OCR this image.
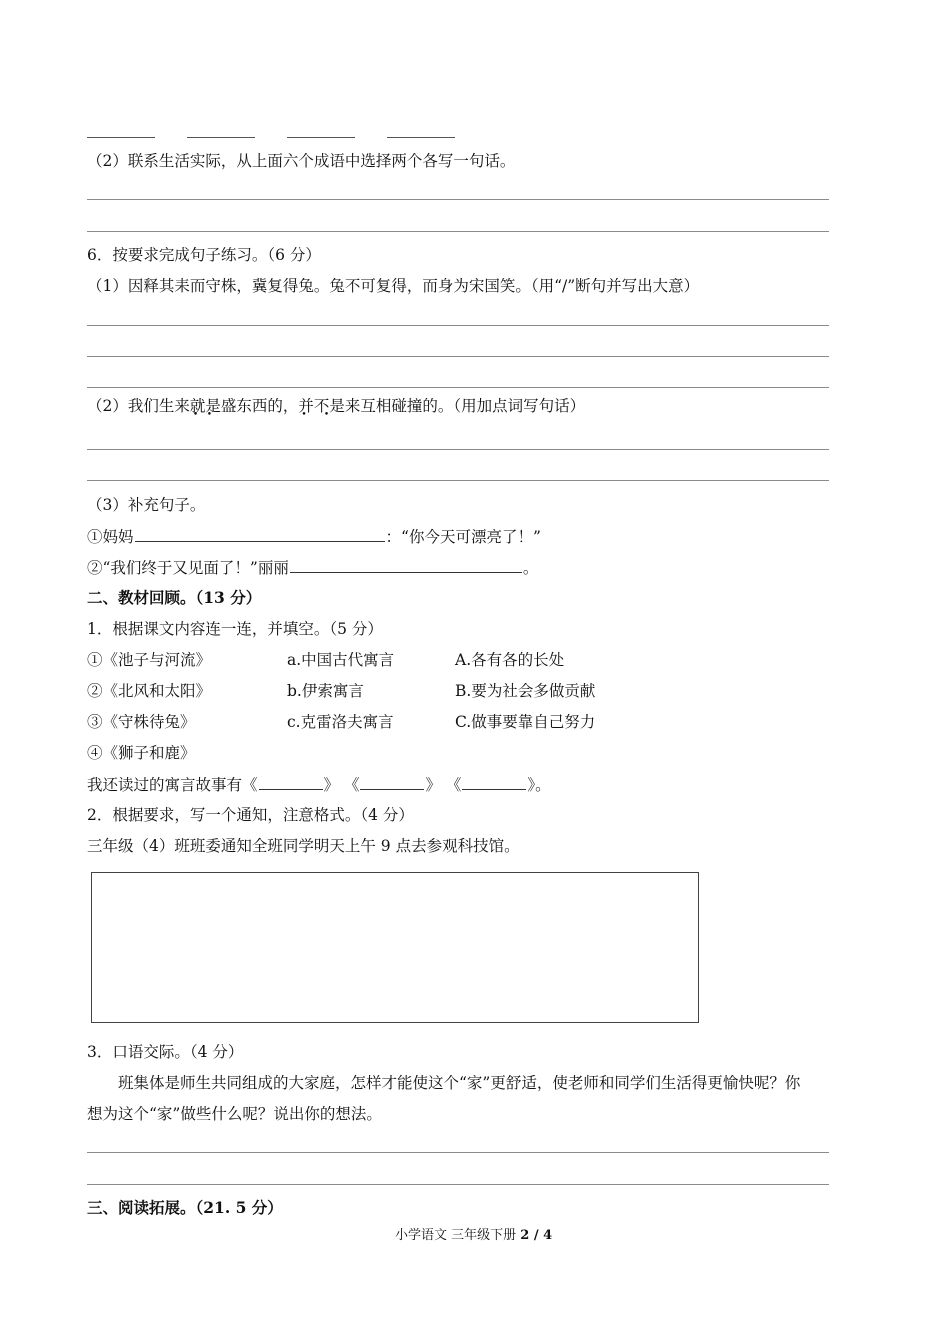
（2）联系生活实际，从上面六个成语中选择两个各写一句话。
6．按要求完成句子练习。（6 分）
（1）因释其耒而守株，冀复得兔。兔不可复得，而身为宋国笑。（用“/”断句并写出大意）
（2）我们生来就是 •   •盛东西的，并不是 •      •来互相碰撞的。（用加点词写句话）
（3）补充句子。
①妈妈	：“你今天可漂亮了！”
②“我们终于又见面了！”丽丽	。
二、教材回顾。（13 分）
1．根据课文内容连一连，并填空。（5 分）
①《池子与河流》	a.中国古代寓言	A.各有各的长处
②《北风和太阳》	b.伊索寓言	B.要为社会多做贡献
③《守株待兔》	c.克雷洛夫寓言	C.做事要靠自己努力
④《狮子和鹿》
我还读过的寓言故事有《	》 《	》 《	》。
2．根据要求，写一个通知，注意格式。（4 分）
三年级（4）班班委通知全班同学明天上午 9 点去参观科技馆。
3．口语交际。（4 分）
班集体是师生共同组成的大家庭，怎样才能使这个“家”更舒适，使老师和同学们生活得更愉快呢？你
想为这个“家”做些什么呢？说出你的想法。
三、阅读拓展。（21. 5 分）
小学语文 三年级下册 2 / 4
